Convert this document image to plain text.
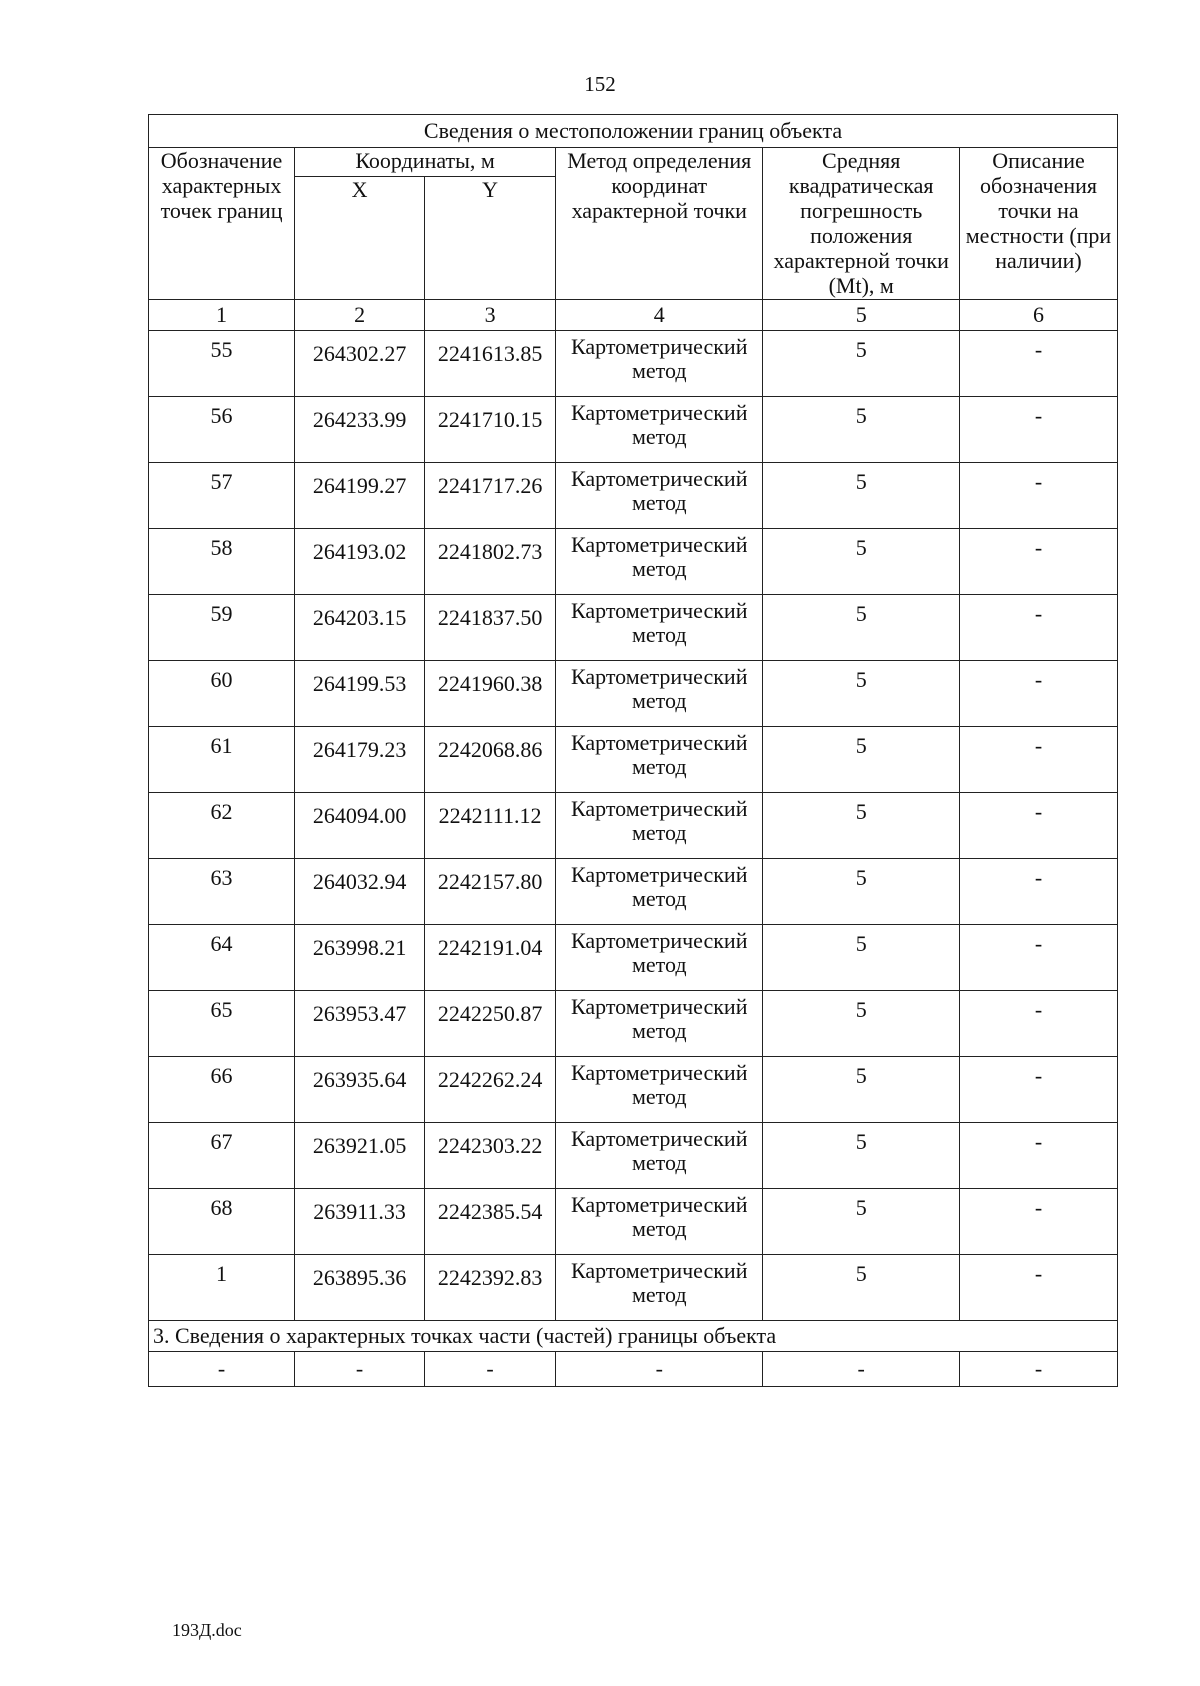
152
Сведения о местоположении границ объекта					
Обозначение характерных точек границ	Координаты, м		Метод определения координат характерной точки	Средняя квадратическая погрешность положения характерной точки (Mt), м	Описание обозначения точки на местности (при наличии)
	X	Y			
1	2	3	4	5	6
55	264302.27	2241613.85	Картометрический метод	5	-
56	264233.99	2241710.15	Картометрический метод	5	-
57	264199.27	2241717.26	Картометрический метод	5	-
58	264193.02	2241802.73	Картометрический метод	5	-
59	264203.15	2241837.50	Картометрический метод	5	-
60	264199.53	2241960.38	Картометрический метод	5	-
61	264179.23	2242068.86	Картометрический метод	5	-
62	264094.00	2242111.12	Картометрический метод	5	-
63	264032.94	2242157.80	Картометрический метод	5	-
64	263998.21	2242191.04	Картометрический метод	5	-
65	263953.47	2242250.87	Картометрический метод	5	-
66	263935.64	2242262.24	Картометрический метод	5	-
67	263921.05	2242303.22	Картометрический метод	5	-
68	263911.33	2242385.54	Картометрический метод	5	-
1	263895.36	2242392.83	Картометрический метод	5	-
3. Сведения о характерных точках части (частей) границы объекта					
-	-	-	-	-	-
193Д.doc
